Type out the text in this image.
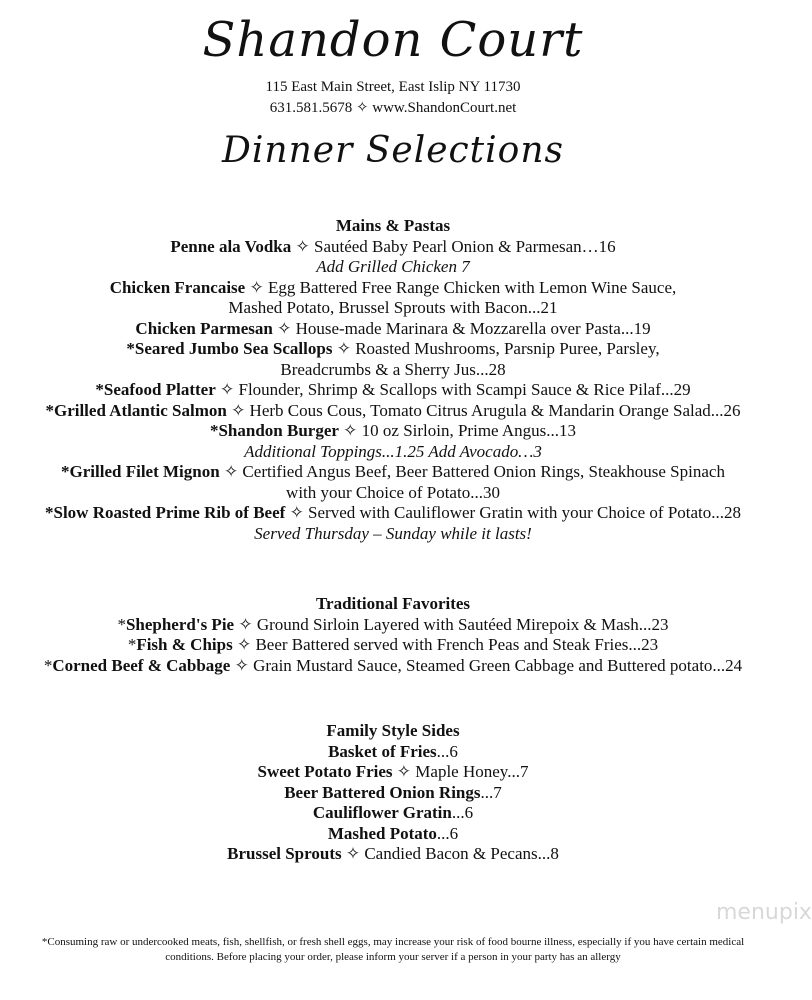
Shandon Court
115 East Main Street, East Islip NY 11730
631.581.5678 ✧ www.ShandonCourt.net
Dinner Selections
Mains & Pastas
Penne ala Vodka ✧ Sautéed Baby Pearl Onion & Parmesan…16
Add Grilled Chicken 7
Chicken Francaise ✧ Egg Battered Free Range Chicken with Lemon Wine Sauce,
Mashed Potato, Brussel Sprouts with Bacon...21
Chicken Parmesan ✧ House-made Marinara & Mozzarella over Pasta...19
*Seared Jumbo Sea Scallops ✧ Roasted Mushrooms, Parsnip Puree, Parsley,
Breadcrumbs & a Sherry Jus...28
*Seafood Platter ✧ Flounder, Shrimp & Scallops with Scampi Sauce & Rice Pilaf...29
*Grilled Atlantic Salmon ✧ Herb Cous Cous, Tomato Citrus Arugula & Mandarin Orange Salad...26
*Shandon Burger ✧ 10 oz Sirloin, Prime Angus...13
Additional Toppings...1.25 Add Avocado…3
*Grilled Filet Mignon ✧ Certified Angus Beef, Beer Battered Onion Rings, Steakhouse Spinach
with your Choice of Potato...30
*Slow Roasted Prime Rib of Beef ✧ Served with Cauliflower Gratin with your Choice of Potato...28
Served Thursday – Sunday while it lasts!
Traditional Favorites
*Shepherd's Pie ✧ Ground Sirloin Layered with Sautéed Mirepoix & Mash...23
*Fish & Chips ✧ Beer Battered served with French Peas and Steak Fries...23
*Corned Beef & Cabbage ✧ Grain Mustard Sauce, Steamed Green Cabbage and Buttered potato...24
Family Style Sides
Basket of Fries...6
Sweet Potato Fries ✧ Maple Honey...7
Beer Battered Onion Rings...7
Cauliflower Gratin...6
Mashed Potato...6
Brussel Sprouts ✧ Candied Bacon & Pecans...8
menupix
*Consuming raw or undercooked meats, fish, shellfish, or fresh shell eggs, may increase your risk of food bourne illness, especially if you have certain medical conditions. Before placing your order, please inform your server if a person in your party has an allergy
